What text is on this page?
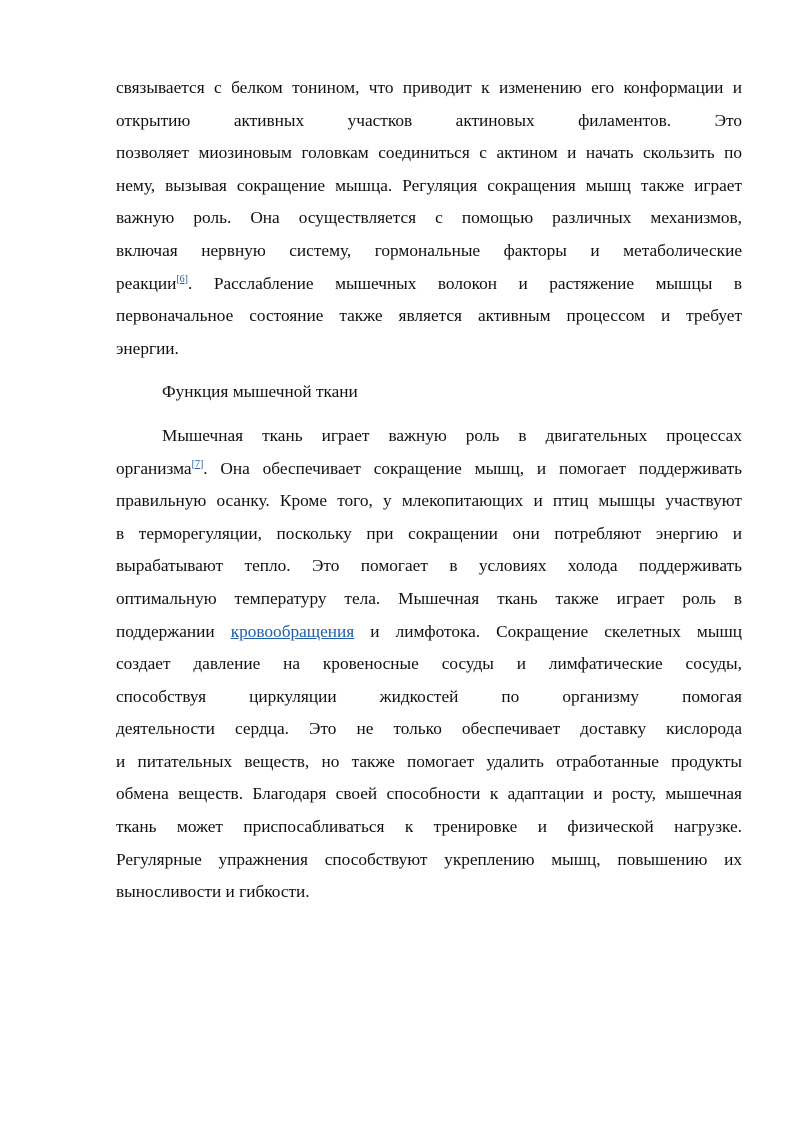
связывается с белком тонином, что приводит к изменению его конформации и
открытию активных участков актиновых филаментов. Это
позволяет миозиновым головкам соединиться с актином и начать скользить по
нему, вызывая сокращение мышца. Регуляция сокращения мышц также играет
важную роль. Она осуществляется с помощью различных механизмов,
включая нервную систему, гормональные факторы и метаболические
реакции[6]. Расслабление мышечных волокон и растяжение мышцы в
первоначальное состояние также является активным процессом и требует
энергии.
Функция мышечной ткани
Мышечная ткань играет важную роль в двигательных процессах
организма[7]. Она обеспечивает сокращение мышц, и помогает поддерживать
правильную осанку. Кроме того, у млекопитающих и птиц мышцы участвуют
в терморегуляции, поскольку при сокращении они потребляют энергию и
вырабатывают тепло. Это помогает в условиях холода поддерживать
оптимальную температуру тела. Мышечная ткань также играет роль в
поддержании кровообращения и лимфотока. Сокращение скелетных мышц
создает давление на кровеносные сосуды и лимфатические сосуды,
способствуя циркуляции жидкостей по организму помогая
деятельности сердца. Это не только обеспечивает доставку кислорода
и питательных веществ, но также помогает удалить отработанные продукты
обмена веществ. Благодаря своей способности к адаптации и росту, мышечная
ткань может приспосабливаться к тренировке и физической нагрузке.
Регулярные упражнения способствуют укреплению мышц, повышению их
выносливости и гибкости.
